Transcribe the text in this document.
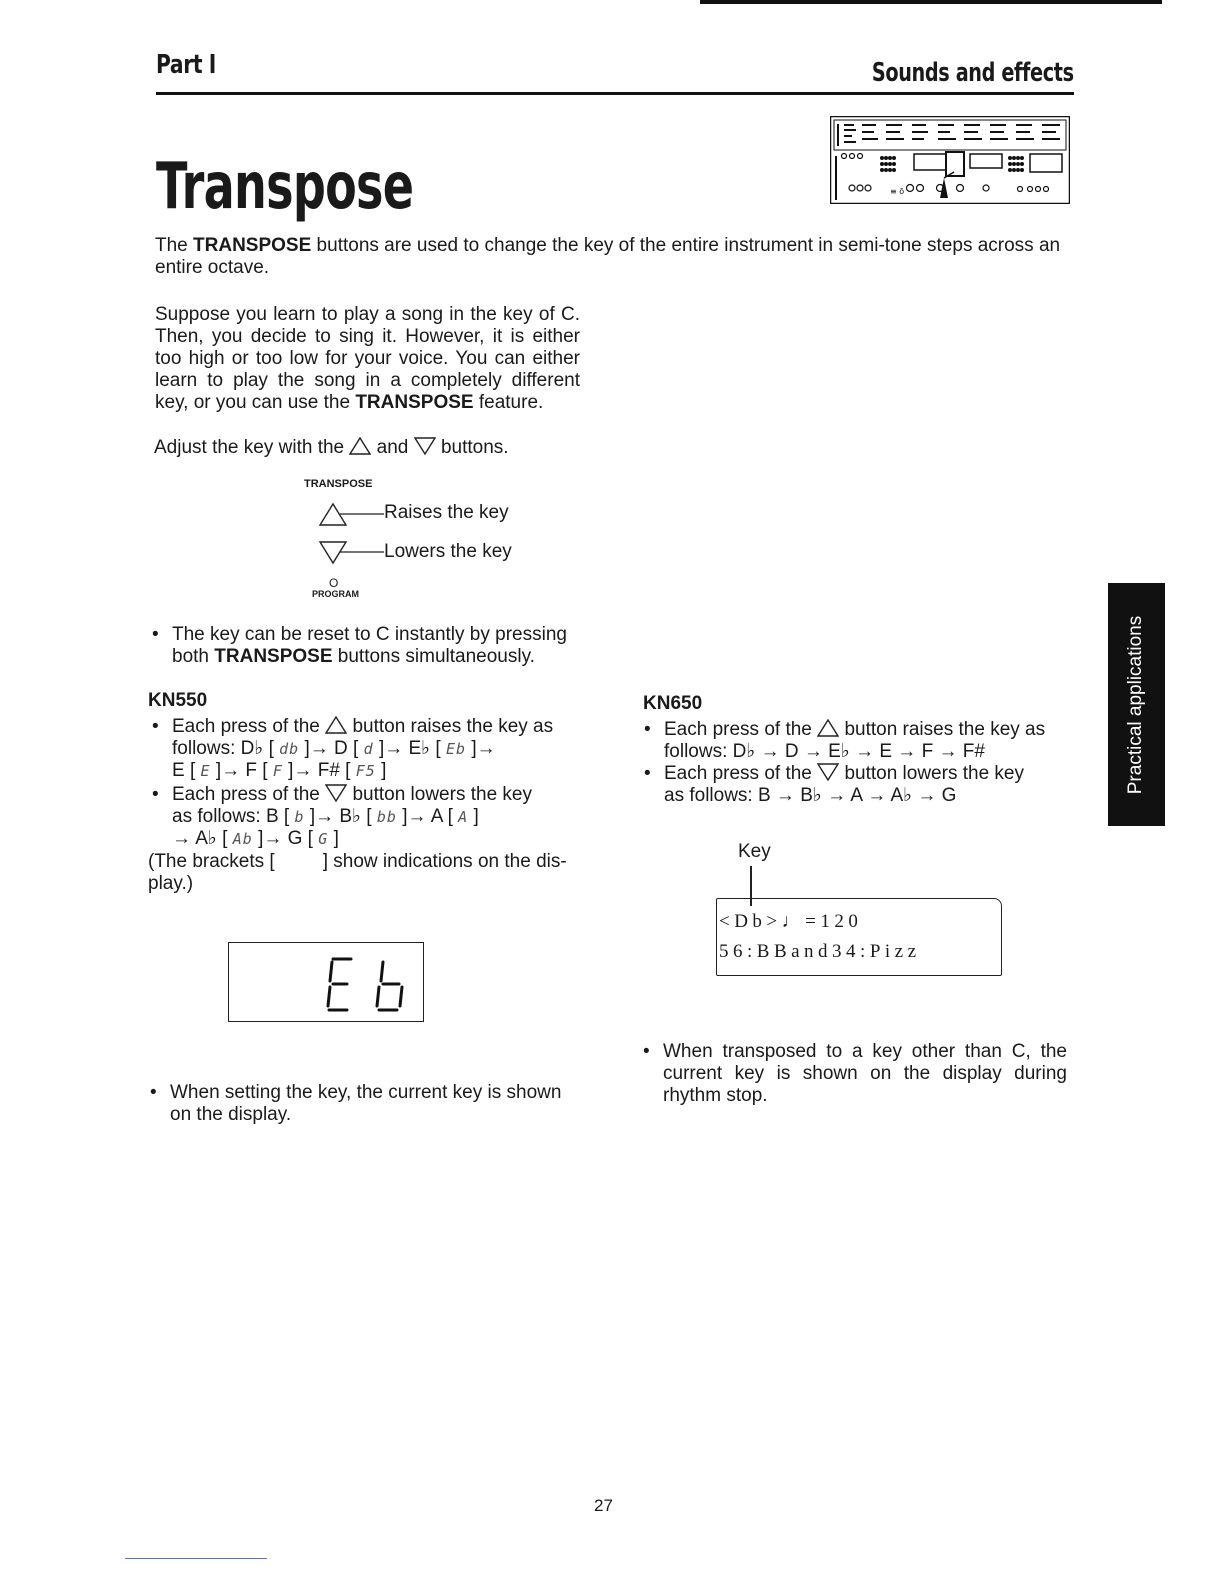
Part I	Sounds and effects
Transpose	≡ ō

The TRANSPOSE buttons are used to change the key of the entire instrument in semi-tone steps across an entire octave.

Suppose you learn to play a song in the key of C. Then, you decide to sing it. However, it is either too high or too low for your voice. You can either learn to play the song in a completely different key, or you can use the TRANSPOSE feature.

Adjust the key with the and buttons.

TRANSPOSE
Raises the key
Lowers the key
O
PROGRAM
• The key can be reset to C instantly by pressing both TRANSPOSE buttons simultaneously.
KN550
• Each press of the button raises the key as
follows: D♭ [ db ]→ D [ d ]→ E♭ [ Eb ]→
E [ E ]→ F [ F ]→ F# [ F5 ]
• Each press of the button lowers the key
as follows: B [ b ]→ B♭ [ bb ]→ A [ A ]
→ A♭ [ Ab ]→ G [ G ]
(The brackets [	] show indications on the dis-
play.)
• When setting the key, the current key is shown on the display.
KN650
• Each press of the button raises the key as
follows: D♭ → D → E♭ → E → F → F#
• Each press of the button lowers the key
as follows: B → B♭ → A → A♭ → G
Key
<Db>♩=120
56:BBand34:Pizz
• When transposed to a key other than C, the current key is shown on the display during rhythm stop.
Practical applications
27
